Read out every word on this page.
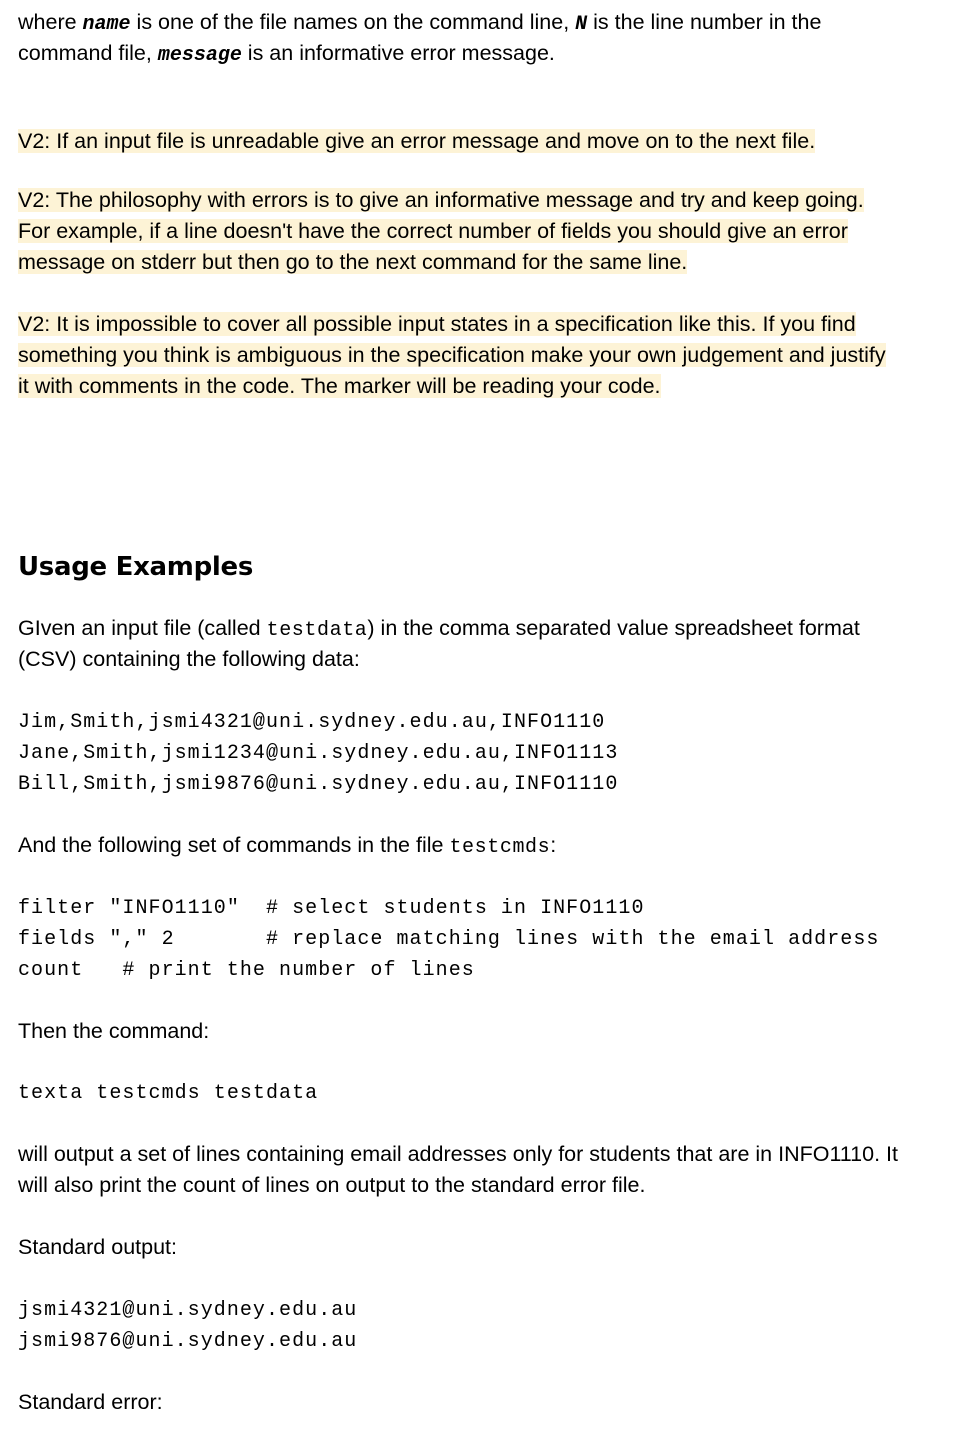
where name is one of the file names on the command line, N is the line number in the

command file, message is an informative error message.

V2: If an input file is unreadable give an error message and move on to the next file.

V2: The philosophy with errors is to give an informative message and try and keep going.

For example, if a line doesn't have the correct number of fields you should give an error

message on stderr but then go to the next command for the same line.

V2: It is impossible to cover all possible input states in a specification like this. If you find

something you think is ambiguous in the specification make your own judgement and justify

it with comments in the code. The marker will be reading your code.

Usage Examples

GIven an input file (called testdata) in the comma separated value spreadsheet format

(CSV) containing the following data:

Jim,Smith,jsmi4321@uni.sydney.edu.au,INFO1110

Jane,Smith,jsmi1234@uni.sydney.edu.au,INFO1113

Bill,Smith,jsmi9876@uni.sydney.edu.au,INFO1110

And the following set of commands in the file testcmds:

filter "INFO1110"  # select students in INFO1110

fields "," 2       # replace matching lines with the email address

count   # print the number of lines

Then the command:

texta testcmds testdata

will output a set of lines containing email addresses only for students that are in INFO1110. It

will also print the count of lines on output to the standard error file.

Standard output:

jsmi4321@uni.sydney.edu.au

jsmi9876@uni.sydney.edu.au

Standard error:
